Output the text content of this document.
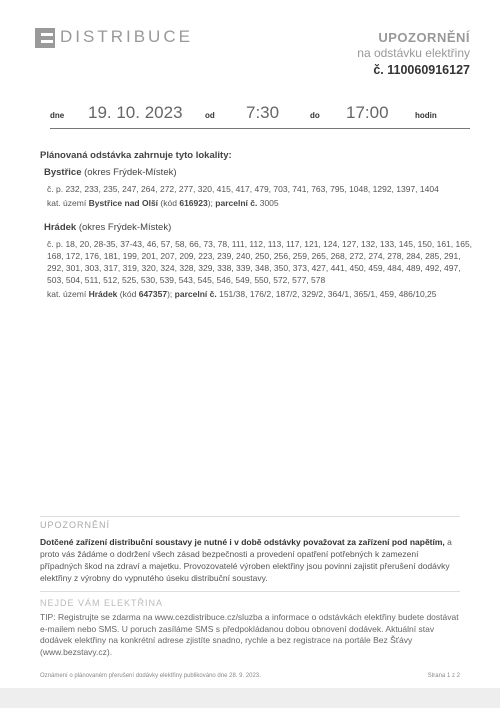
DISTRIBUCE	UPOZORNĚNÍ
na odstávku elektřiny
č. 110060916127
dne 19. 10. 2023	od 7:30	do 17:00	hodin
Plánovaná odstávka zahrnuje tyto lokality:
Bystřice (okres Frýdek-Místek)
č. p. 232, 233, 235, 247, 264, 272, 277, 320, 415, 417, 479, 703, 741, 763, 795, 1048, 1292, 1397, 1404
kat. území Bystřice nad Olší (kód 616923); parcelní č. 3005
Hrádek (okres Frýdek-Místek)
č. p. 18, 20, 28-35, 37-43, 46, 57, 58, 66, 73, 78, 111, 112, 113, 117, 121, 124, 127, 132, 133, 145, 150, 161, 165, 168, 172, 176, 181, 199, 201, 207, 209, 223, 239, 240, 250, 256, 259, 265, 268, 272, 274, 278, 284, 285, 291, 292, 301, 303, 317, 319, 320, 324, 328, 329, 338, 339, 348, 350, 373, 427, 441, 450, 459, 484, 489, 492, 497, 503, 504, 511, 512, 525, 530, 539, 543, 545, 546, 549, 550, 572, 577, 578
kat. území Hrádek (kód 647357); parcelní č. 151/38, 176/2, 187/2, 329/2, 364/1, 365/1, 459, 486/10,25
UPOZORNĚNÍ
Dotčené zařízení distribuční soustavy je nutné i v době odstávky považovat za zařízení pod napětím, a proto vás žádáme o dodržení všech zásad bezpečnosti a provedení opatření potřebných k zamezení případných škod na zdraví a majetku. Provozovatelé výroben elektřiny jsou povinni zajistit přerušení dodávky elektřiny z výrobny do vypnutého úseku distribuční soustavy.
NEJDE VÁM ELEKTŘINA
TIP: Registrujte se zdarma na www.cezdistribuce.cz/sluzba a informace o odstávkách elektřiny budete dostávat e-mailem nebo SMS. U poruch zasíláme SMS s předpokládanou dobou obnovení dodávek. Aktuální stav dodávek elektřiny na konkrétní adrese zjistíte snadno, rychle a bez registrace na portále Bez Šťávy (www.bezstavy.cz).
Oznámení o plánovaném přerušení dodávky elektřiny publikováno dne 28. 9. 2023.	Strana 1 z 2
